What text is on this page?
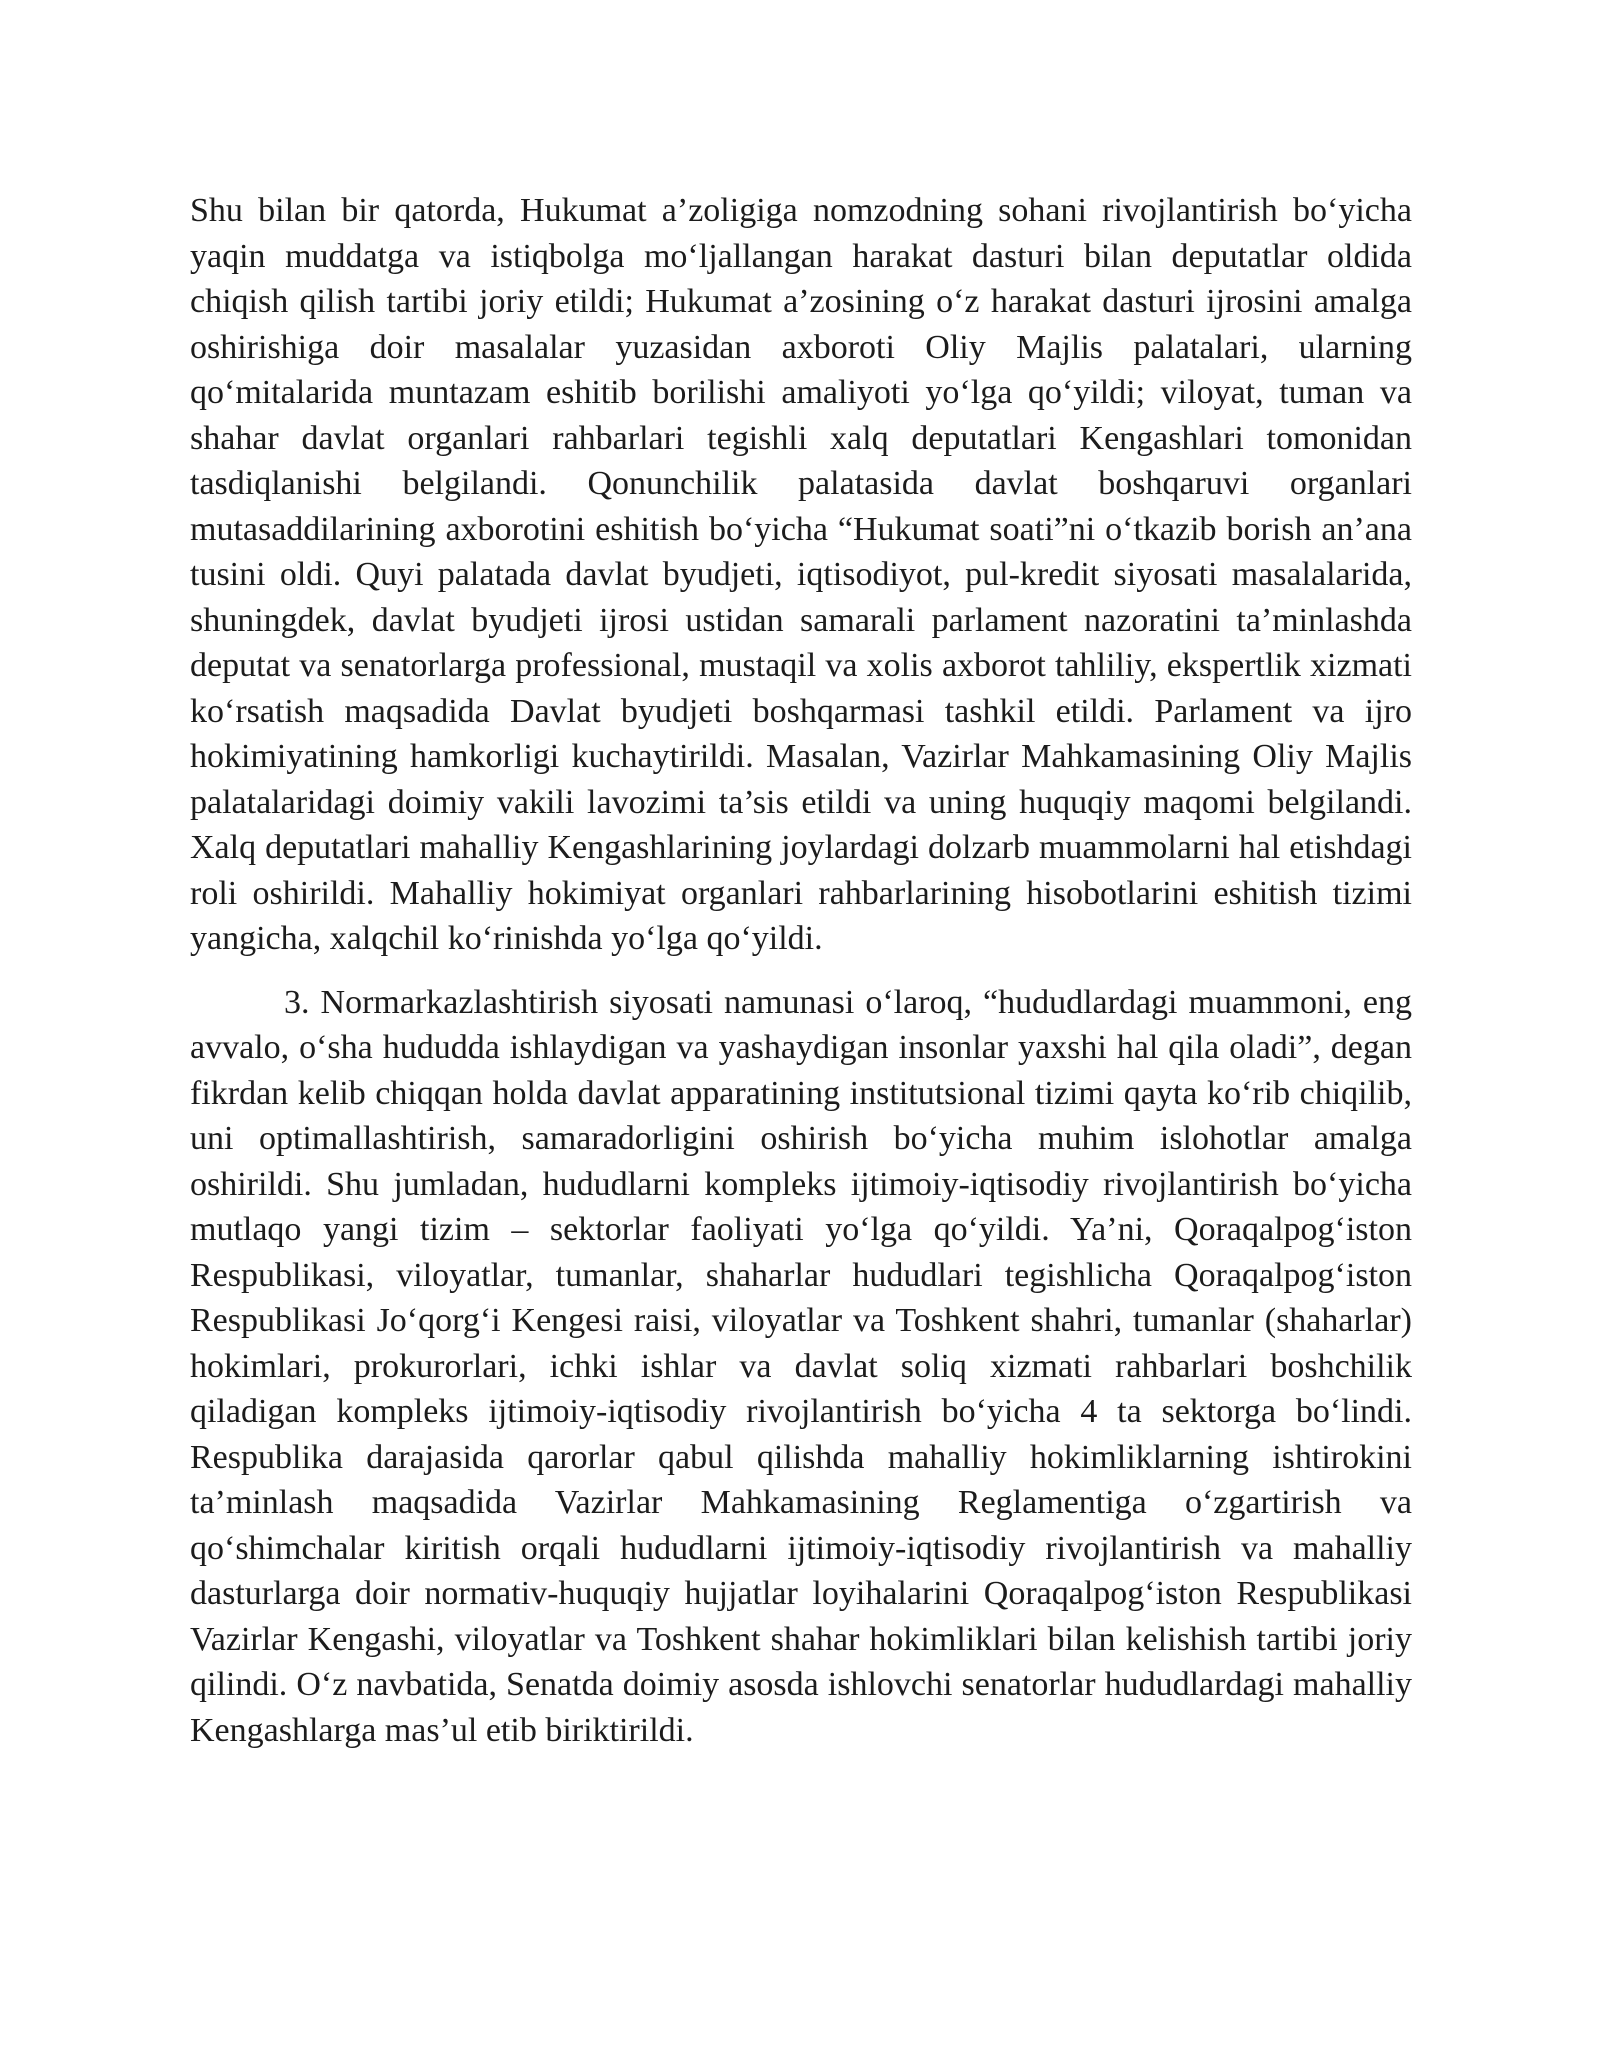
Shu bilan bir qatorda, Hukumat a’zoligiga nomzodning sohani rivojlantirish bo‘yicha yaqin muddatga va istiqbolga mo‘ljallangan harakat dasturi bilan deputatlar oldida chiqish qilish tartibi joriy etildi; Hukumat a’zosining o‘z harakat dasturi ijrosini amalga oshirishiga doir masalalar yuzasidan axboroti Oliy Majlis palatalari, ularning qo‘mitalarida muntazam eshitib borilishi amaliyoti yo‘lga qo‘yildi; viloyat, tuman va shahar davlat organlari rahbarlari tegishli xalq deputatlari Kengashlari tomonidan tasdiqlanishi belgilandi. Qonunchilik palatasida davlat boshqaruvi organlari mutasaddilarining axborotini eshitish bo‘yicha “Hukumat soati”ni o‘tkazib borish an’ana tusini oldi. Quyi palatada davlat byudjeti, iqtisodiyot, pul-kredit siyosati masalalarida, shuningdek, davlat byudjeti ijrosi ustidan samarali parlament nazoratini ta’minlashda deputat va senatorlarga professional, mustaqil va xolis axborot tahliliy, ekspertlik xizmati ko‘rsatish maqsadida Davlat byudjeti boshqarmasi tashkil etildi. Parlament va ijro hokimiyatining hamkorligi kuchaytirildi. Masalan, Vazirlar Mahkamasining Oliy Majlis palatalaridagi doimiy vakili lavozimi ta’sis etildi va uning huquqiy maqomi belgilandi. Xalq deputatlari mahalliy Kengashlarining joylardagi dolzarb muammolarni hal etishdagi roli oshirildi. Mahalliy hokimiyat organlari rahbarlarining hisobotlarini eshitish tizimi yangicha, xalqchil ko‘rinishda yo‘lga qo‘yildi.

3. Normarkazlashtirish siyosati namunasi o‘laroq, “hududlardagi muammoni, eng avvalo, o‘sha hududda ishlaydigan va yashaydigan insonlar yaxshi hal qila oladi”, degan fikrdan kelib chiqqan holda davlat apparatining institutsional tizimi qayta ko‘rib chiqilib, uni optimallashtirish, samaradorligini oshirish bo‘yicha muhim islohotlar amalga oshirildi. Shu jumladan, hududlarni kompleks ijtimoiy-iqtisodiy rivojlantirish bo‘yicha mutlaqo yangi tizim – sektorlar faoliyati yo‘lga qo‘yildi. Ya’ni, Qoraqalpog‘iston Respublikasi, viloyatlar, tumanlar, shaharlar hududlari tegishlicha Qoraqalpog‘iston Respublikasi Jo‘qorg‘i Kengesi raisi, viloyatlar va Toshkent shahri, tumanlar (shaharlar) hokimlari, prokurorlari, ichki ishlar va davlat soliq xizmati rahbarlari boshchilik qiladigan kompleks ijtimoiy-iqtisodiy rivojlantirish bo‘yicha 4 ta sektorga bo‘lindi. Respublika darajasida qarorlar qabul qilishda mahalliy hokimliklarning ishtirokini ta’minlash maqsadida Vazirlar Mahkamasining Reglamentiga o‘zgartirish va qo‘shimchalar kiritish orqali hududlarni ijtimoiy-iqtisodiy rivojlantirish va mahalliy dasturlarga doir normativ-huquqiy hujjatlar loyihalarini Qoraqalpog‘iston Respublikasi Vazirlar Kengashi, viloyatlar va Toshkent shahar hokimliklari bilan kelishish tartibi joriy qilindi. O‘z navbatida, Senatda doimiy asosda ishlovchi senatorlar hududlardagi mahalliy Kengashlarga mas’ul etib biriktirildi.
